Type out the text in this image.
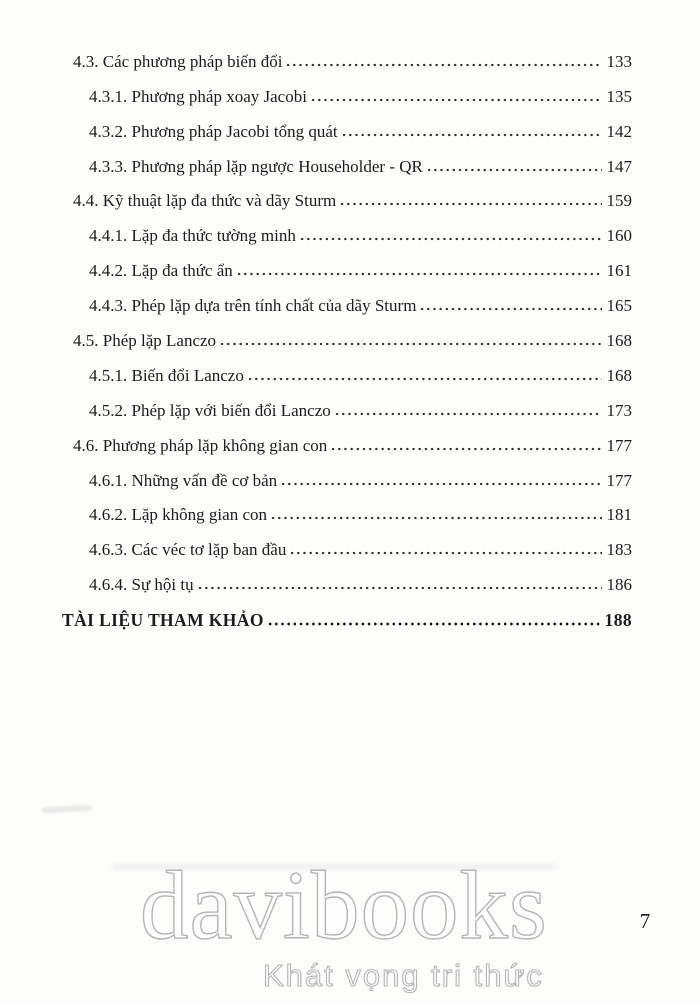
4.3. Các phương pháp biến đổi	133
4.3.1. Phương pháp xoay Jacobi	135
4.3.2. Phương pháp Jacobi tổng quát	142
4.3.3. Phương pháp lặp ngược Householder - QR	147
4.4. Kỹ thuật lặp đa thức và dãy Sturm	159
4.4.1. Lặp đa thức tường minh	160
4.4.2. Lặp đa thức ẩn	161
4.4.3. Phép lặp dựa trên tính chất của dãy Sturm	165
4.5. Phép lặp Lanczo	168
4.5.1. Biến đổi Lanczo	168
4.5.2. Phép lặp với biến đổi Lanczo	173
4.6. Phương pháp lặp không gian con	177
4.6.1. Những vấn đề cơ bản	177
4.6.2. Lặp không gian con	181
4.6.3. Các véc tơ lặp ban đầu	183
4.6.4. Sự hội tụ	186
TÀI LIỆU THAM KHẢO	188
davibooks
Khát vọng tri thức
7
